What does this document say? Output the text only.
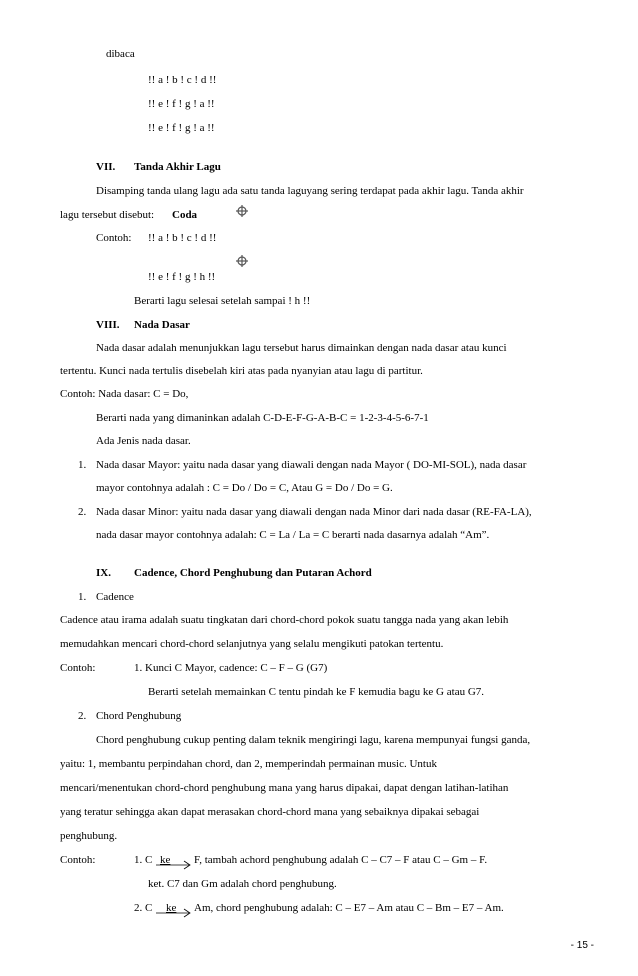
dibaca
!! a ! b ! c ! d !!
!! e ! f ! g ! a !!
!! e ! f ! g ! a !!
VII. Tanda Akhir Lagu
Disamping tanda ulang lagu ada satu tanda laguyang sering terdapat pada akhir lagu. Tanda akhir
lagu tersebut disebut: Coda
Contoh: !! a ! b ! c ! d !!
!! e ! f ! g ! h !!
Berarti lagu selesai setelah sampai ! h !!
VIII. Nada Dasar
Nada dasar adalah menunjukkan lagu tersebut harus dimainkan dengan nada dasar atau kunci
tertentu. Kunci nada tertulis disebelah kiri atas pada nyanyian atau lagu di partitur.
Contoh: Nada dasar: C = Do,
Berarti nada yang dimaninkan adalah C-D-E-F-G-A-B-C = 1-2-3-4-5-6-7-1
Ada Jenis nada dasar.
1. Nada dasar Mayor: yaitu nada dasar yang diawali dengan nada Mayor ( DO-MI-SOL), nada dasar
mayor contohnya adalah : C = Do / Do = C, Atau G = Do / Do = G.
2. Nada dasar Minor: yaitu nada dasar yang diawali dengan nada Minor dari nada dasar (RE-FA-LA),
nada dasar mayor contohnya adalah: C = La / La = C berarti nada dasarnya adalah “Am”.
IX. Cadence, Chord Penghubung dan Putaran Achord
1. Cadence
Cadence atau irama adalah suatu tingkatan dari chord-chord pokok suatu tangga nada yang akan lebih
memudahkan mencari chord-chord selanjutnya yang selalu mengikuti patokan tertentu.
Contoh:	1. Kunci C Mayor, cadence: C – F – G (G7)
Berarti setelah memainkan C tentu pindah ke F kemudia bagu ke G atau G7.
2. Chord Penghubung
Chord penghubung cukup penting dalam teknik mengiringi lagu, karena mempunyai fungsi ganda,
yaitu: 1, membantu perpindahan chord, dan 2, memperindah permainan music. Untuk
mencari/menentukan chord-chord penghubung mana yang harus dipakai, dapat dengan latihan-latihan
yang teratur sehingga akan dapat merasakan chord-chord mana yang sebaiknya dipakai sebagai
penghubung.
Contoh:	1. C ke F, tambah achord penghubung adalah C – C7 – F atau C – Gm – F.
ket. C7 dan Gm adalah chord penghubung.
2. C ke Am, chord penghubung adalah: C – E7 – Am atau C – Bm – E7 – Am.
- 15 -
